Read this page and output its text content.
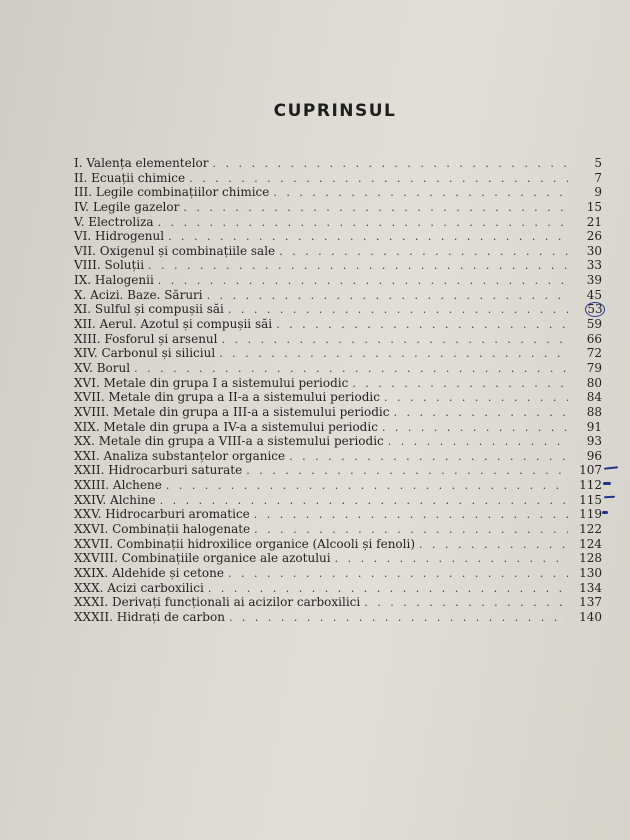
CUPRINSUL
I. Valența elementelor . . .	5
II. Ecuații chimice . . .	7
III. Legile combinațiilor chimice . . .	9
IV. Legile gazelor . . .	15
V. Electroliza . . .	21
VI. Hidrogenul . . .	26
VII. Oxigenul și combinațiile sale . . .	30
VIII. Soluții . . .	33
IX. Halogenii . . .	39
X. Acizi. Baze. Săruri . . .	45
XI. Sulful și compușii săi . . .	53
XII. Aerul. Azotul și compușii săi . . .	59
XIII. Fosforul și arsenul . . .	66
XIV. Carbonul și siliciul . . .	72
XV. Borul . . .	79
XVI. Metale din grupa I a sistemului periodic . . .	80
XVII. Metale din grupa a II-a a sistemului periodic . . .	84
XVIII. Metale din grupa a III-a a sistemului periodic . . .	88
XIX. Metale din grupa a IV-a a sistemului periodic . . .	91
XX. Metale din grupa a VIII-a a sistemului periodic . . .	93
XXI. Analiza substanțelor organice . . .	96
XXII. Hidrocarburi saturate . . .	107
XXIII. Alchene . . .	112
XXIV. Alchine . . .	115
XXV. Hidrocarburi aromatice . . .	119
XXVI. Combinații halogenate . . .	122
XXVII. Combinații hidroxilice organice (Alcooli și fenoli) . . .	124
XXVIII. Combinațiile organice ale azotului . . .	128
XXIX. Aldehide și cetone . . .	130
XXX. Acizi carboxilici . . .	134
XXXI. Derivați funcționali ai acizilor carboxilici . . .	137
XXXII. Hidrați de carbon . . .	140
